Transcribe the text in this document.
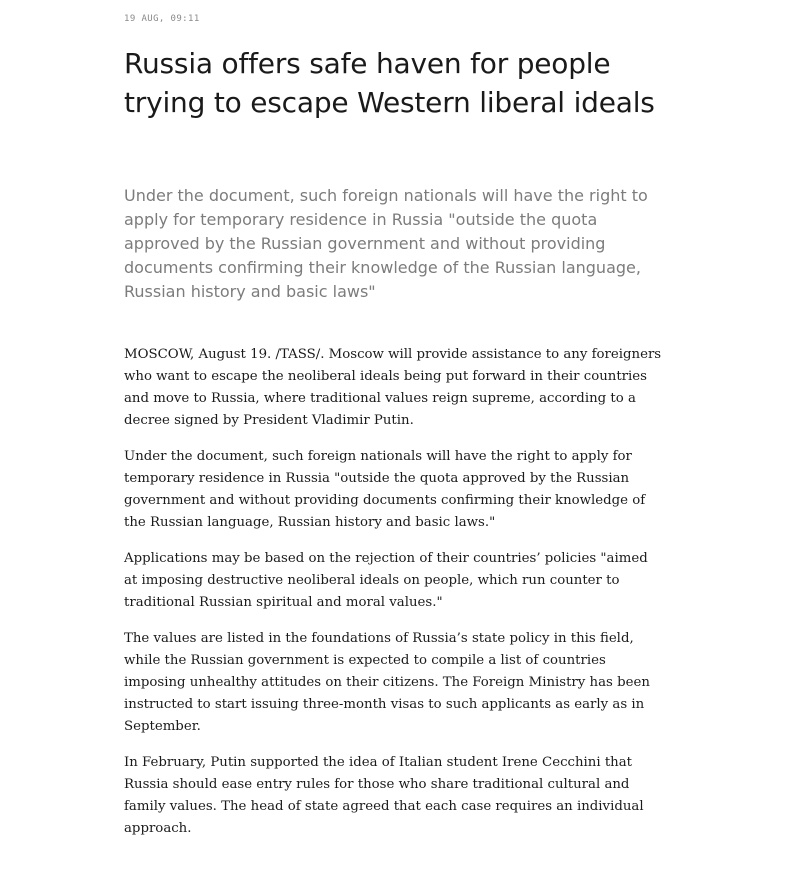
19 AUG, 09:11
Russia offers safe haven for people trying to escape Western liberal ideals

Under the document, such foreign nationals will have the right to apply for temporary residence in Russia "outside the quota approved by the Russian government and without providing documents confirming their knowledge of the Russian language, Russian history and basic laws"

MOSCOW, August 19. /TASS/. Moscow will provide assistance to any foreigners who want to escape the neoliberal ideals being put forward in their countries and move to Russia, where traditional values reign supreme, according to a decree signed by President Vladimir Putin.

Under the document, such foreign nationals will have the right to apply for temporary residence in Russia "outside the quota approved by the Russian government and without providing documents confirming their knowledge of the Russian language, Russian history and basic laws."

Applications may be based on the rejection of their countries’ policies "aimed at imposing destructive neoliberal ideals on people, which run counter to traditional Russian spiritual and moral values."

The values are listed in the foundations of Russia’s state policy in this field, while the Russian government is expected to compile a list of countries imposing unhealthy attitudes on their citizens. The Foreign Ministry has been instructed to start issuing three-month visas to such applicants as early as in September.

In February, Putin supported the idea of Italian student Irene Cecchini that Russia should ease entry rules for those who share traditional cultural and family values. The head of state agreed that each case requires an individual approach.
